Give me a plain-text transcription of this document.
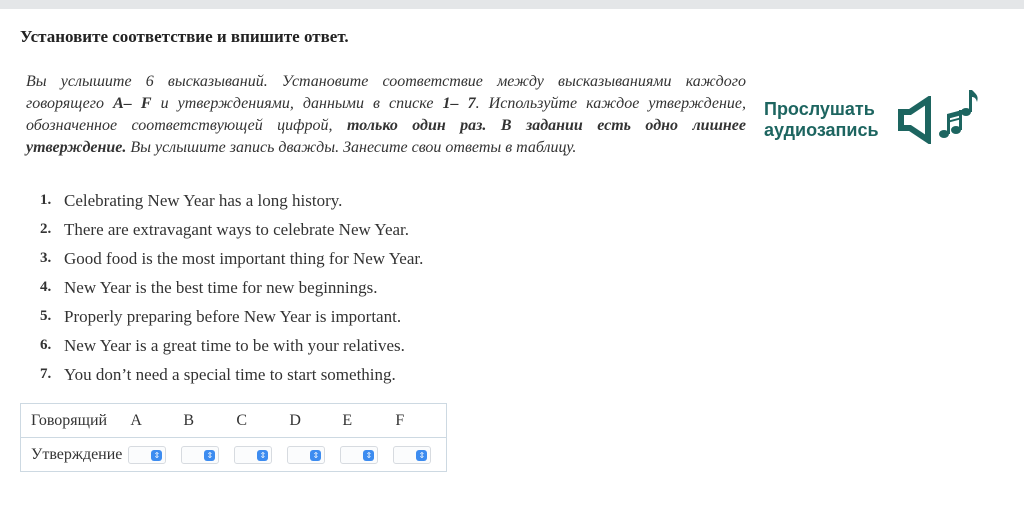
Установите соответствие и впишите ответ.
Вы услышите 6 высказываний. Установите соответствие между высказываниями каждого говорящего A– F и утверждениями, данными в списке 1– 7. Используйте каждое утверждение, обозначенное соответствующей цифрой, только один раз. В задании есть одно лишнее утверждение. Вы услышите запись дважды. Занесите свои ответы в таблицу.
Прослушать
аудиозапись
1. Celebrating New Year has a long history.
2. There are extravagant ways to celebrate New Year.
3. Good food is the most important thing for New Year.
4. New Year is the best time for new beginnings.
5. Properly preparing before New Year is important.
6. New Year is a great time to be with your relatives.
7. You don’t need a special time to start something.
Говорящий	A	B	C	D	E	F
Утверждение	⇕	⇕	⇕	⇕	⇕	⇕
